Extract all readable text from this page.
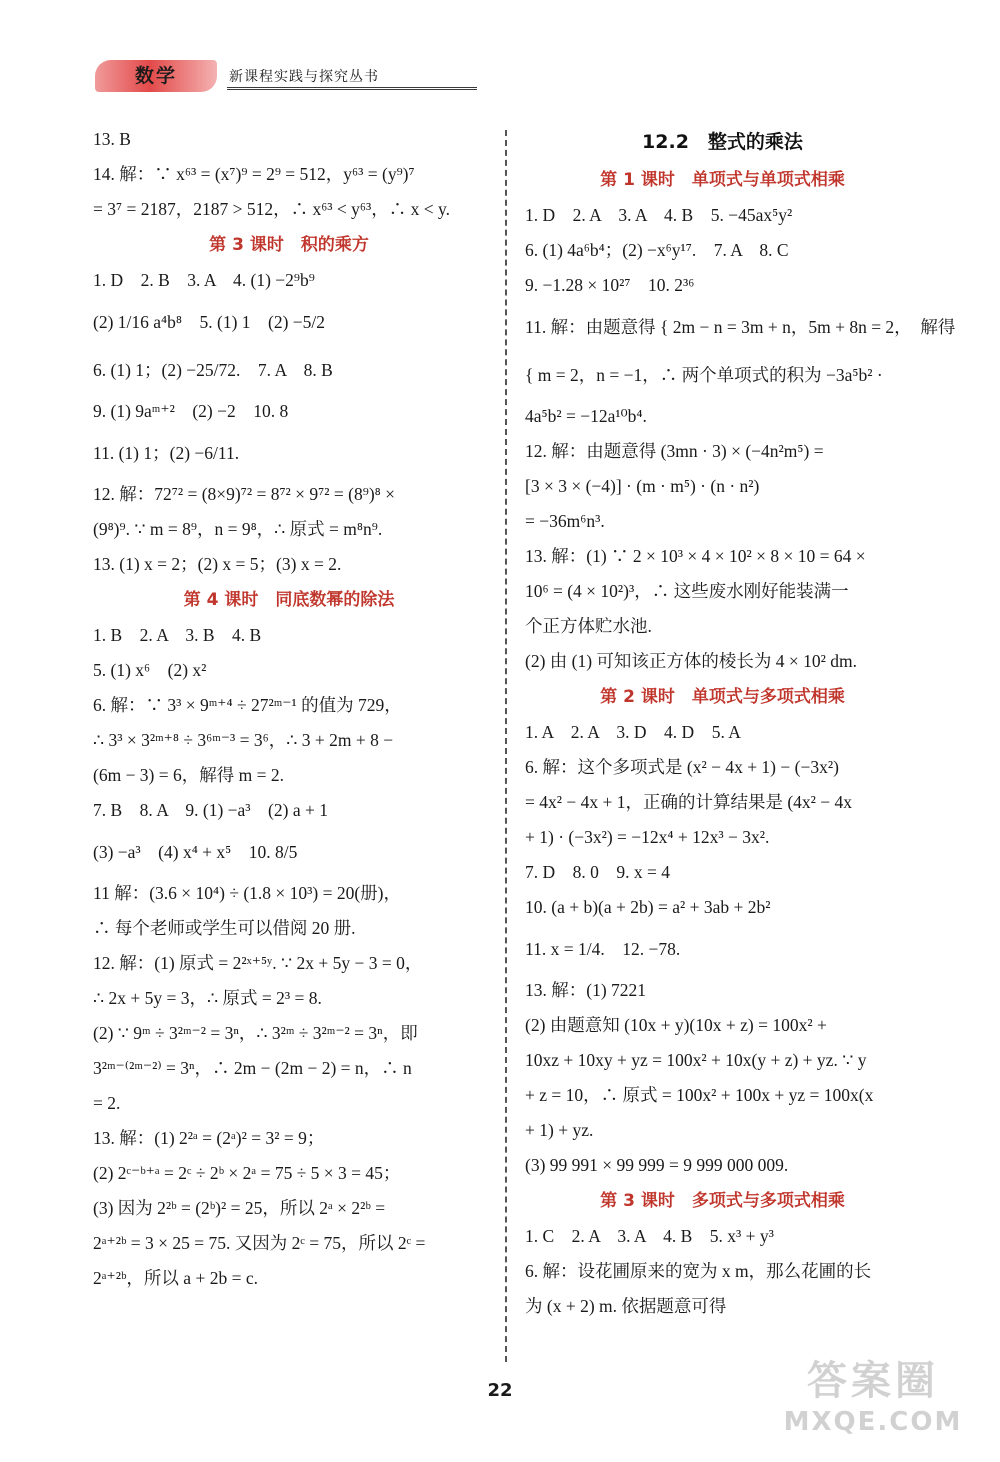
数学	新课程实践与探究丛书
13. B
14. 解：∵ x⁶³ = (x⁷)⁹ = 2⁹ = 512，y⁶³ = (y⁹)⁷
= 3⁷ = 2187，2187 > 512，∴ x⁶³ < y⁶³，∴ x < y.
第 3 课时　积的乘方
1. D　2. B　3. A　4. (1) −2⁹b⁹
(2) 1/16 a⁴b⁸　5. (1) 1　(2) −5/2
6. (1) 1；(2) −25/72.　7. A　8. B
9. (1) 9aᵐ⁺²　(2) −2　10. 8
11. (1) 1；(2) −6/11.
12. 解：72⁷² = (8×9)⁷² = 8⁷² × 9⁷² = (8⁹)⁸ ×
(9⁸)⁹. ∵ m = 8⁹，n = 9⁸，∴ 原式 = m⁸n⁹.
13. (1) x = 2；(2) x = 5；(3) x = 2.
第 4 课时　同底数幂的除法
1. B　2. A　3. B　4. B
5. (1) x⁶　(2) x²
6. 解：∵ 3³ × 9ᵐ⁺⁴ ÷ 27²ᵐ⁻¹ 的值为 729，
∴ 3³ × 3²ᵐ⁺⁸ ÷ 3⁶ᵐ⁻³ = 3⁶，∴ 3 + 2m + 8 −
(6m − 3) = 6，解得 m = 2.
7. B　8. A　9. (1) −a³　(2) a + 1
(3) −a³　(4) x⁴ + x⁵　10. 8/5
11 解：(3.6 × 10⁴) ÷ (1.8 × 10³) = 20(册)，
∴ 每个老师或学生可以借阅 20 册.
12. 解：(1) 原式 = 2²ˣ⁺⁵ʸ. ∵ 2x + 5y − 3 = 0，
∴ 2x + 5y = 3，∴ 原式 = 2³ = 8.
(2) ∵ 9ᵐ ÷ 3²ᵐ⁻² = 3ⁿ，∴ 3²ᵐ ÷ 3²ᵐ⁻² = 3ⁿ，即
3²ᵐ⁻⁽²ᵐ⁻²⁾ = 3ⁿ，∴ 2m − (2m − 2) = n，∴ n
= 2.
13. 解：(1) 2²ᵃ = (2ᵃ)² = 3² = 9；
(2) 2ᶜ⁻ᵇ⁺ᵃ = 2ᶜ ÷ 2ᵇ × 2ᵃ = 75 ÷ 5 × 3 = 45；
(3) 因为 2²ᵇ = (2ᵇ)² = 25，所以 2ᵃ × 2²ᵇ =
2ᵃ⁺²ᵇ = 3 × 25 = 75. 又因为 2ᶜ = 75，所以 2ᶜ =
2ᵃ⁺²ᵇ，所以 a + 2b = c.
12.2　整式的乘法
第 1 课时　单项式与单项式相乘
1. D　2. A　3. A　4. B　5. −45ax⁵y²
6. (1) 4a⁶b⁴；(2) −x⁶y¹⁷.　7. A　8. C
9. −1.28 × 10²⁷　10. 2³⁶
11. 解：由题意得 { 2m − n = 3m + n，5m + 8n = 2，　解得
{ m = 2，n = −1，∴ 两个单项式的积为 −3a⁵b² ·
4a⁵b² = −12a¹⁰b⁴.
12. 解：由题意得 (3mn · 3) × (−4n²m⁵) =
[3 × 3 × (−4)] · (m · m⁵) · (n · n²)
= −36m⁶n³.
13. 解：(1) ∵ 2 × 10³ × 4 × 10² × 8 × 10 = 64 ×
10⁶ = (4 × 10²)³，∴ 这些废水刚好能装满一
个正方体贮水池.
(2) 由 (1) 可知该正方体的棱长为 4 × 10² dm.
第 2 课时　单项式与多项式相乘
1. A　2. A　3. D　4. D　5. A
6. 解：这个多项式是 (x² − 4x + 1) − (−3x²)
= 4x² − 4x + 1，正确的计算结果是 (4x² − 4x
+ 1) · (−3x²) = −12x⁴ + 12x³ − 3x².
7. D　8. 0　9. x = 4
10. (a + b)(a + 2b) = a² + 3ab + 2b²
11. x = 1/4.　12. −78.
13. 解：(1) 7221
(2) 由题意知 (10x + y)(10x + z) = 100x² +
10xz + 10xy + yz = 100x² + 10x(y + z) + yz. ∵ y
+ z = 10，∴ 原式 = 100x² + 100x + yz = 100x(x
+ 1) + yz.
(3) 99 991 × 99 999 = 9 999 000 009.
第 3 课时　多项式与多项式相乘
1. C　2. A　3. A　4. B　5. x³ + y³
6. 解：设花圃原来的宽为 x m，那么花圃的长
为 (x + 2) m. 依据题意可得
22	答案圈
MXQE.COM
